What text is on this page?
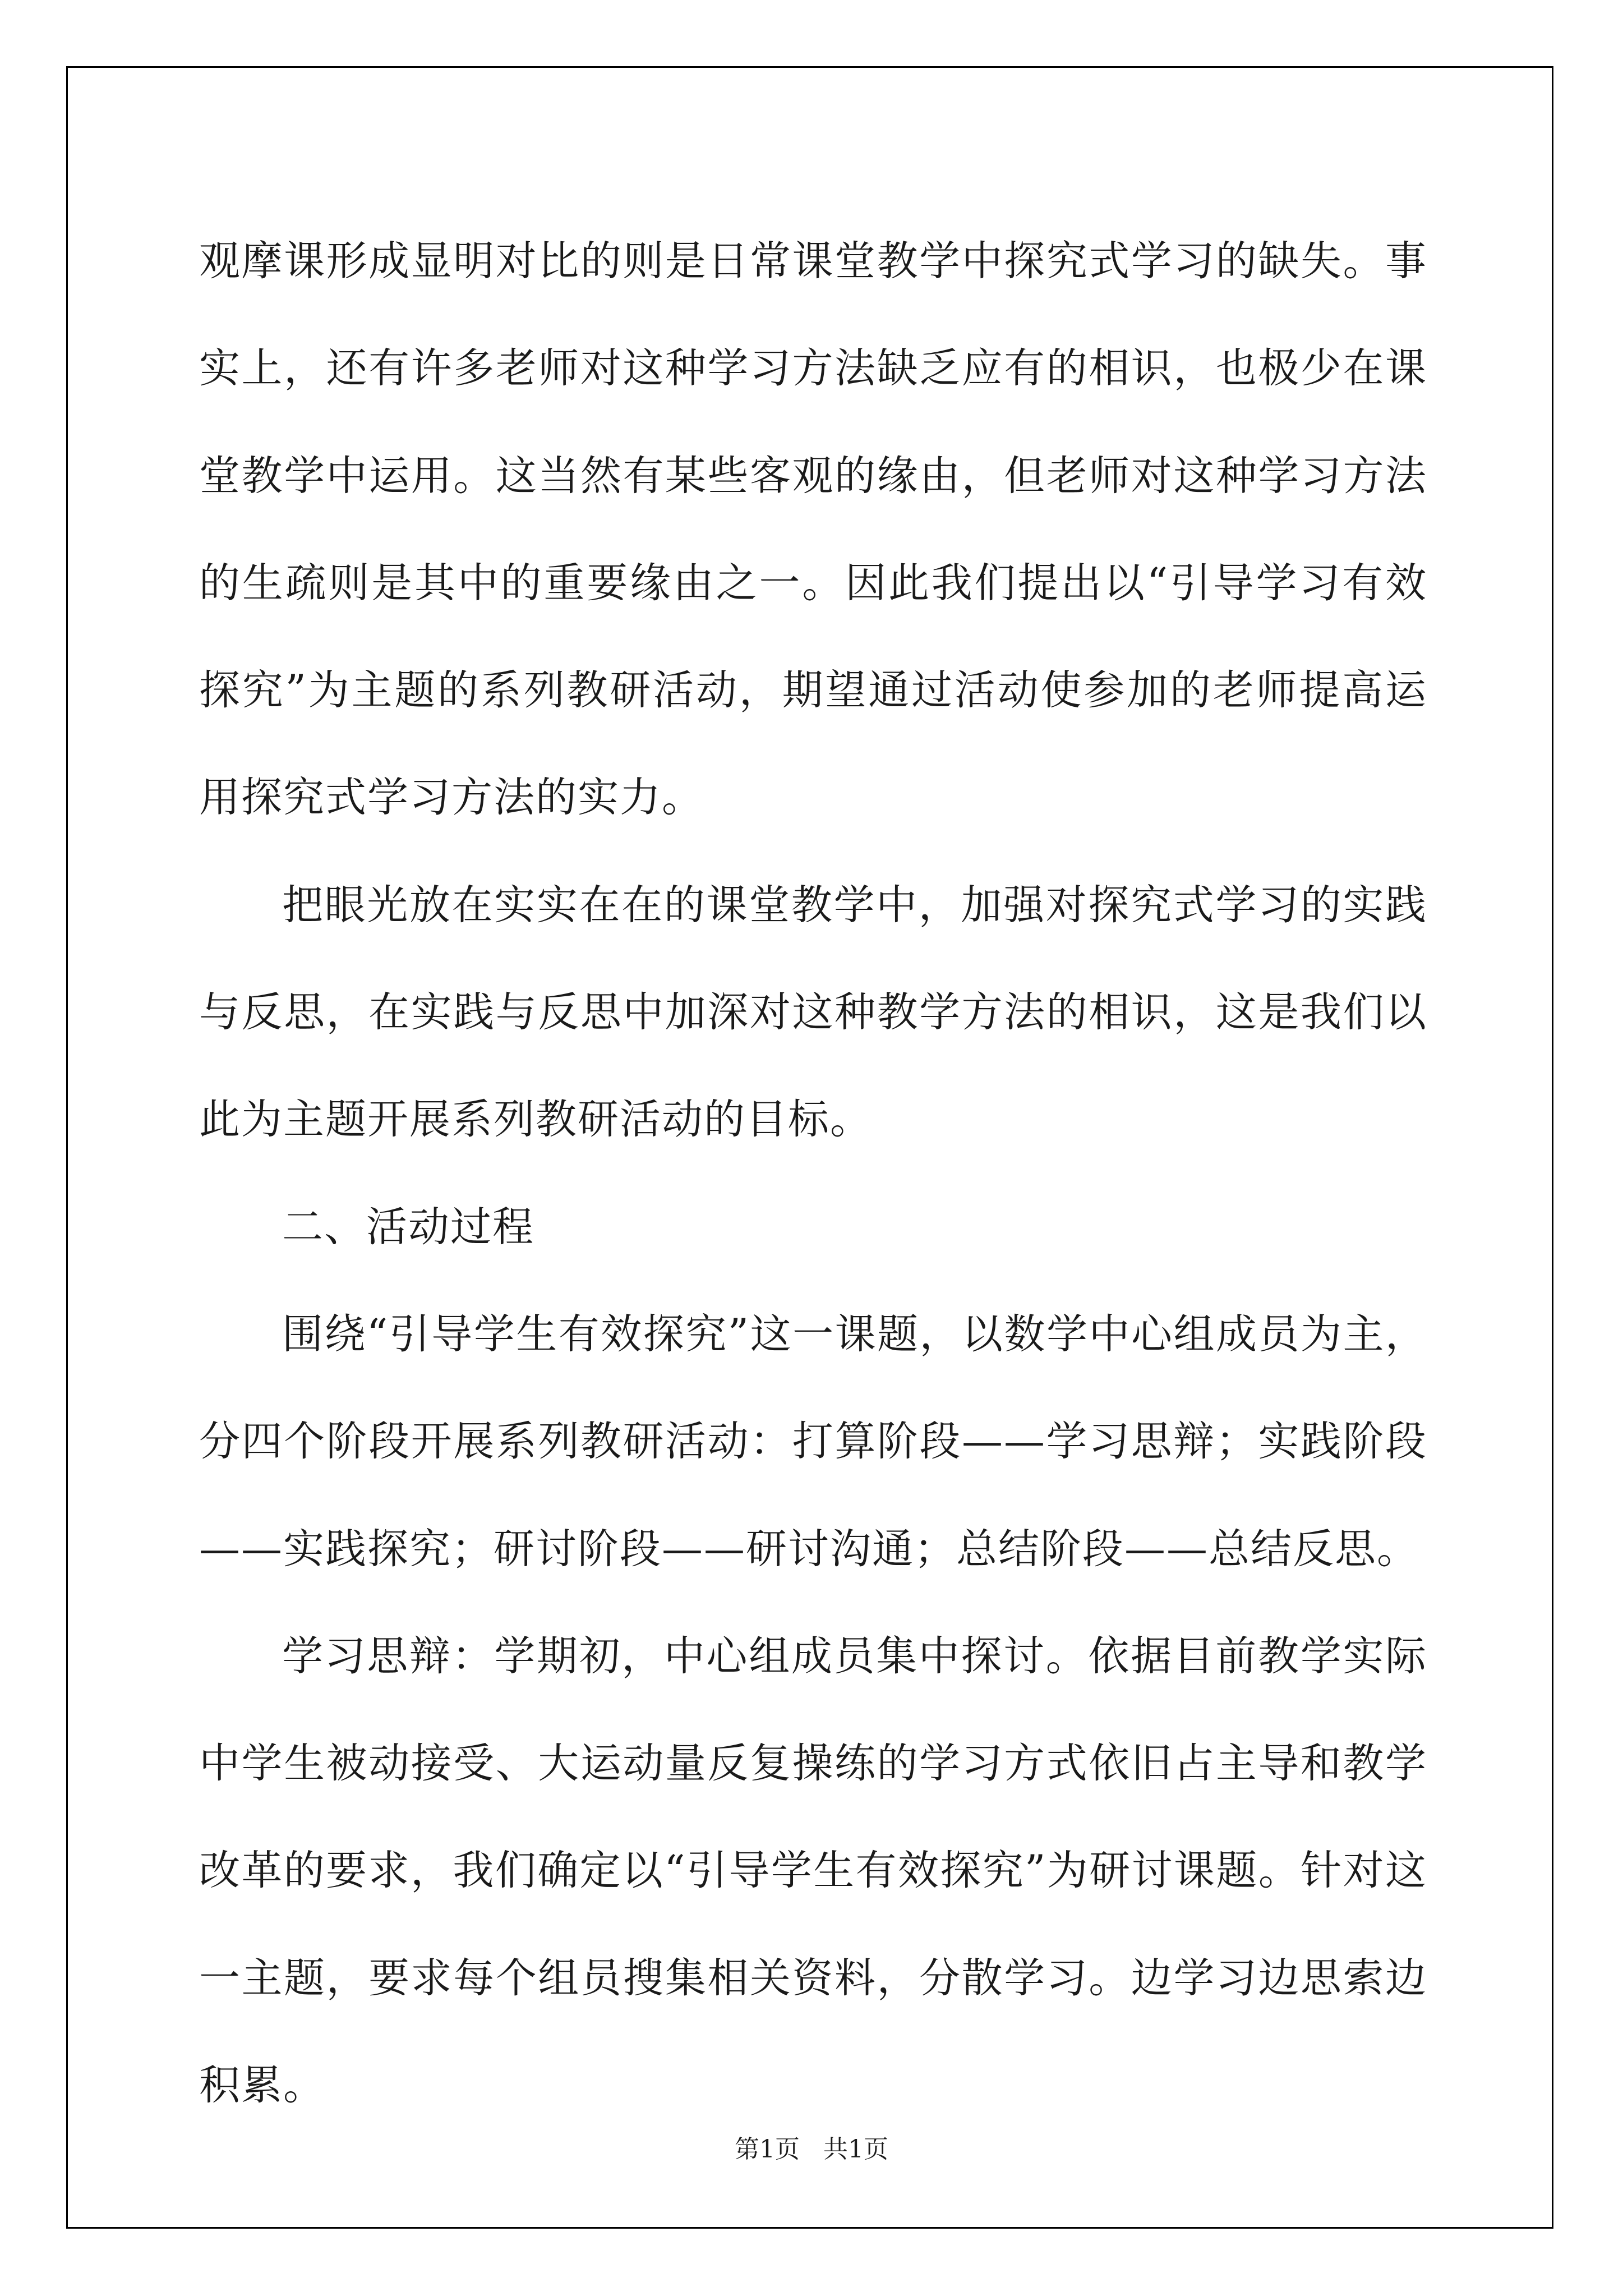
观摩课形成显明对比的则是日常课堂教学中探究式学习的缺失。事实上，还有许多老师对这种学习方法缺乏应有的相识，也极少在课堂教学中运用。这当然有某些客观的缘由，但老师对这种学习方法的生疏则是其中的重要缘由之一。因此我们提出以“引导学习有效探究”为主题的系列教研活动，期望通过活动使参加的老师提高运用探究式学习方法的实力。

把眼光放在实实在在的课堂教学中，加强对探究式学习的实践与反思，在实践与反思中加深对这种教学方法的相识，这是我们以此为主题开展系列教研活动的目标。

二、活动过程

围绕“引导学生有效探究”这一课题，以数学中心组成员为主，分四个阶段开展系列教研活动：打算阶段——学习思辩；实践阶段——实践探究；研讨阶段——研讨沟通；总结阶段——总结反思。

学习思辩：学期初，中心组成员集中探讨。依据目前教学实际中学生被动接受、大运动量反复操练的学习方式依旧占主导和教学改革的要求，我们确定以“引导学生有效探究”为研讨课题。针对这一主题，要求每个组员搜集相关资料，分散学习。边学习边思索边积累。

第1页 共1页
